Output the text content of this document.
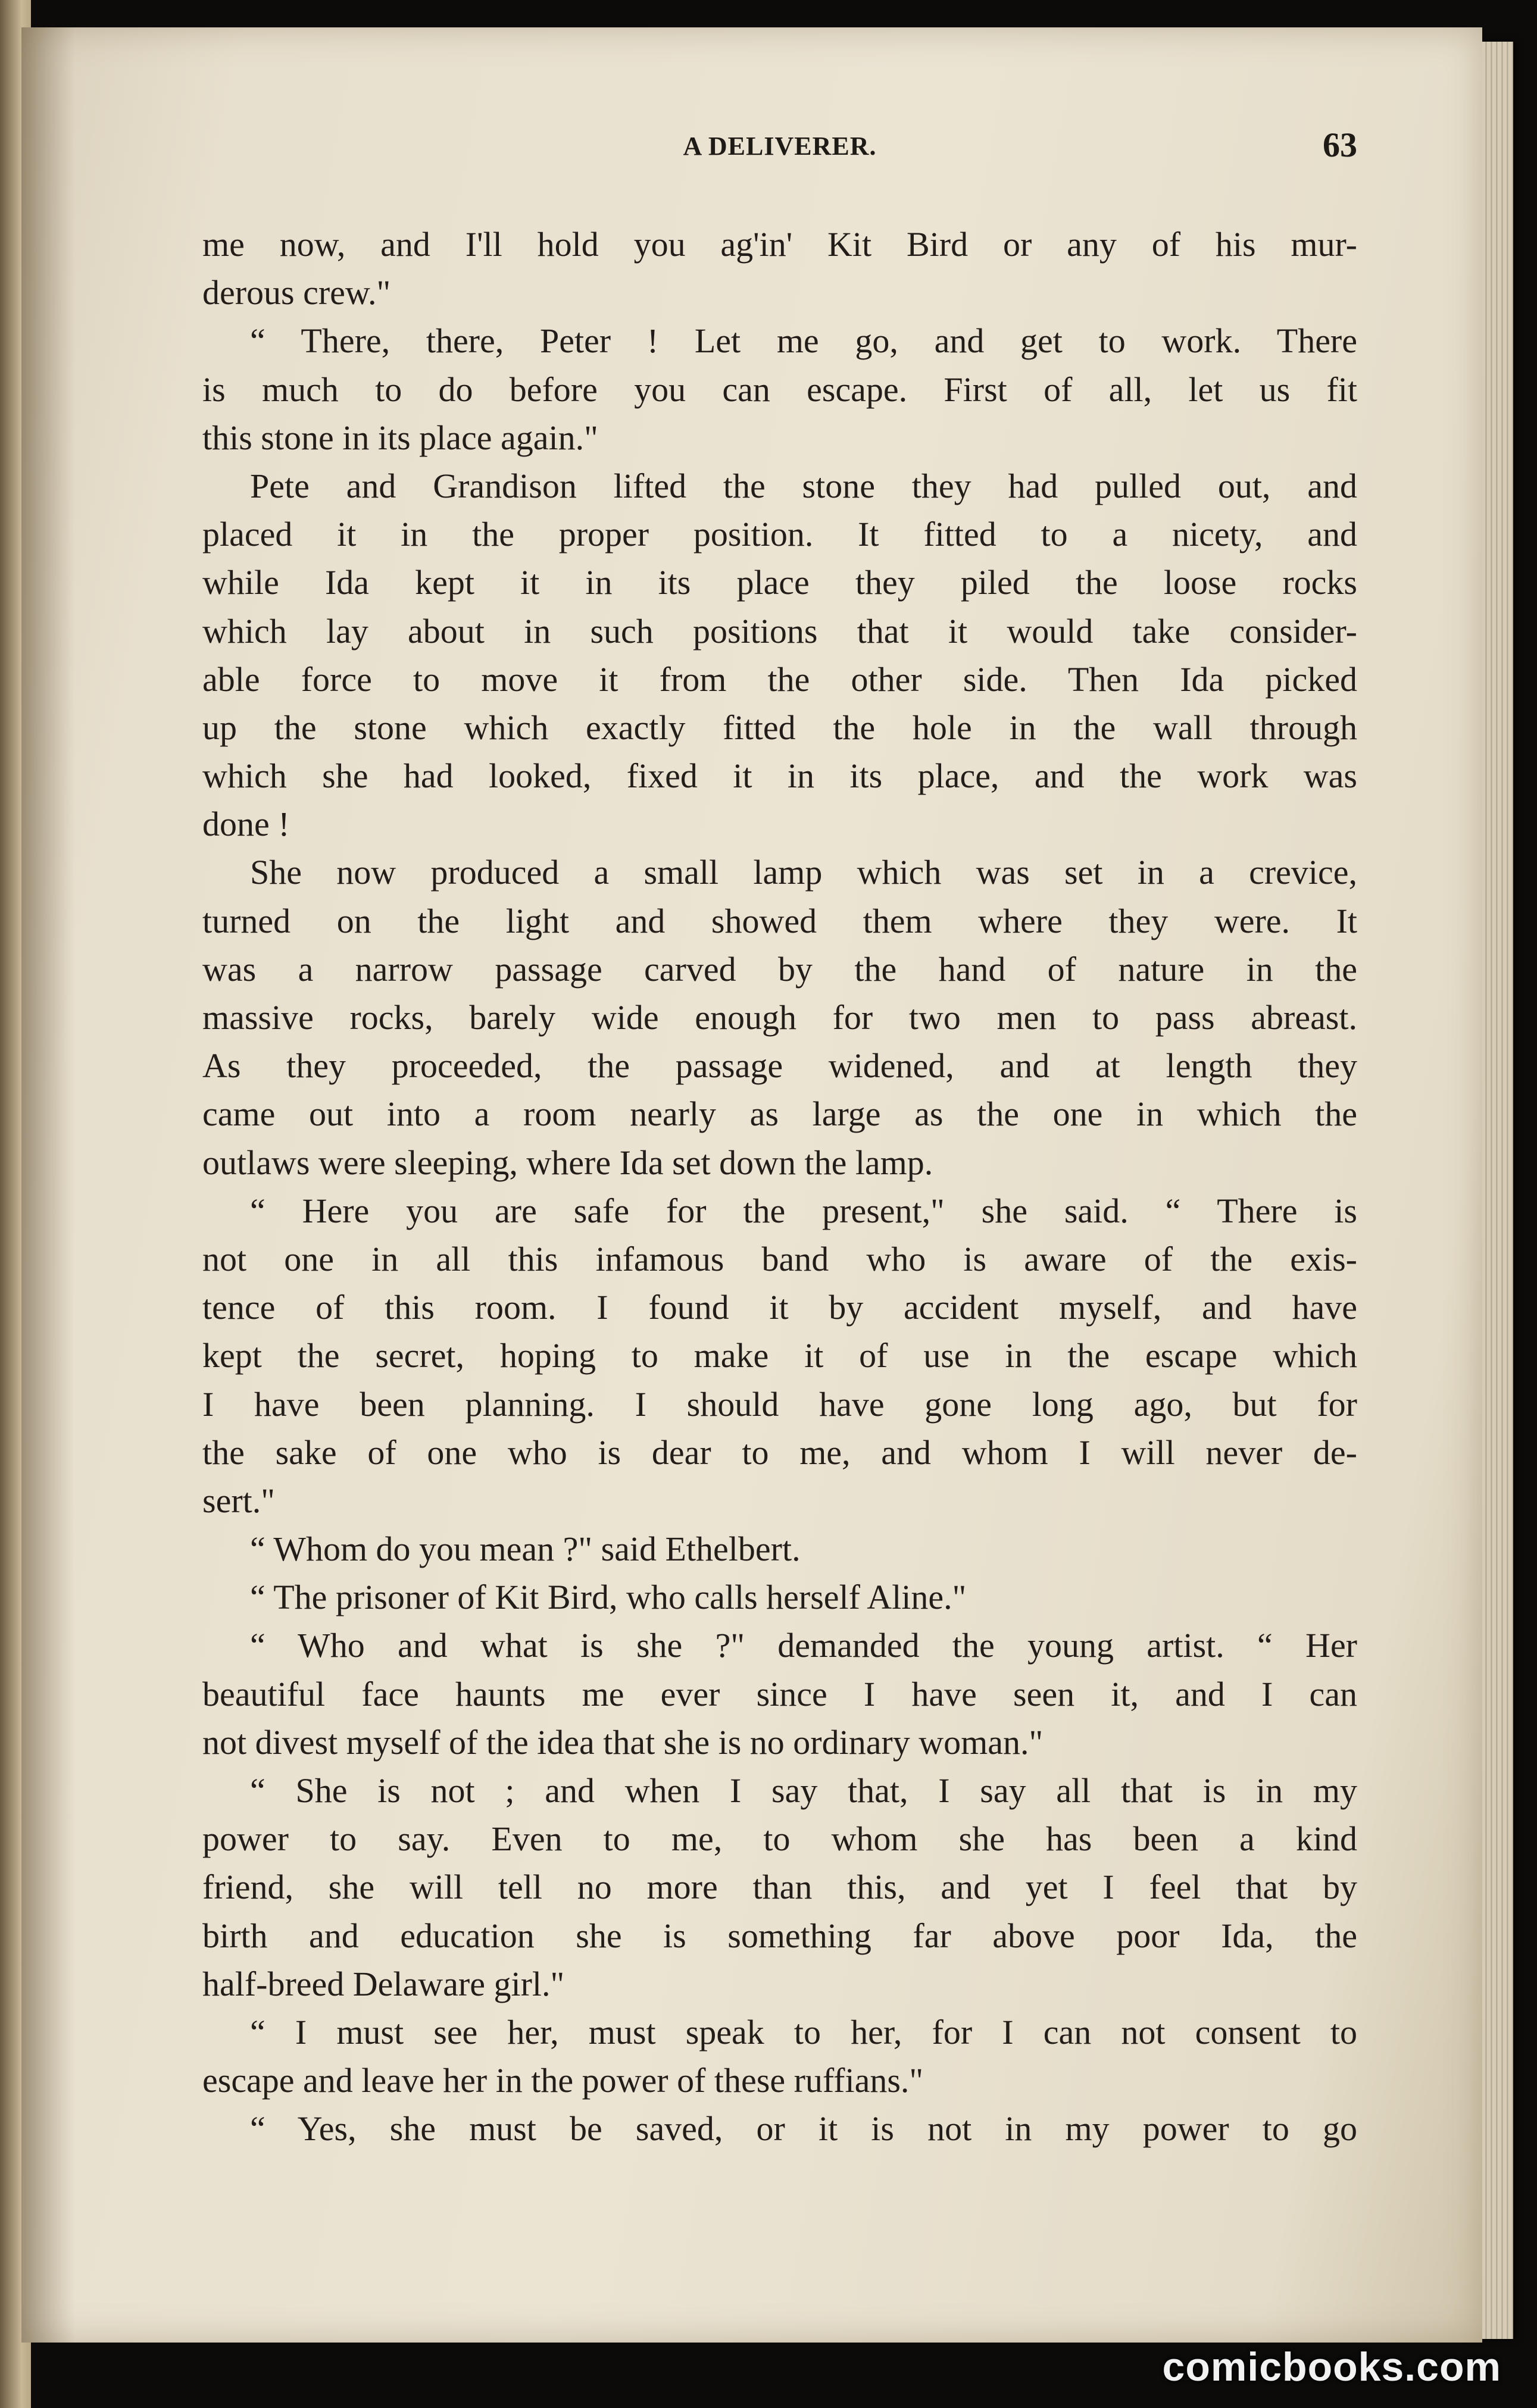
A DELIVERER.	63
me now, and I'll hold you ag'in' Kit Bird or any of his mur-
derous crew."
“ There, there, Peter ! Let me go, and get to work. There
is much to do before you can escape. First of all, let us fit
this stone in its place again."
Pete and Grandison lifted the stone they had pulled out, and
placed it in the proper position. It fitted to a nicety, and
while Ida kept it in its place they piled the loose rocks
which lay about in such positions that it would take consider-
able force to move it from the other side. Then Ida picked
up the stone which exactly fitted the hole in the wall through
which she had looked, fixed it in its place, and the work was
done !
She now produced a small lamp which was set in a crevice,
turned on the light and showed them where they were. It
was a narrow passage carved by the hand of nature in the
massive rocks, barely wide enough for two men to pass abreast.
As they proceeded, the passage widened, and at length they
came out into a room nearly as large as the one in which the
outlaws were sleeping, where Ida set down the lamp.
“ Here you are safe for the present," she said. “ There is
not one in all this infamous band who is aware of the exis-
tence of this room. I found it by accident myself, and have
kept the secret, hoping to make it of use in the escape which
I have been planning. I should have gone long ago, but for
the sake of one who is dear to me, and whom I will never de-
sert."
“ Whom do you mean ?" said Ethelbert.
“ The prisoner of Kit Bird, who calls herself Aline."
“ Who and what is she ?" demanded the young artist. “ Her
beautiful face haunts me ever since I have seen it, and I can
not divest myself of the idea that she is no ordinary woman."
“ She is not ; and when I say that, I say all that is in my
power to say. Even to me, to whom she has been a kind
friend, she will tell no more than this, and yet I feel that by
birth and education she is something far above poor Ida, the
half-breed Delaware girl."
“ I must see her, must speak to her, for I can not consent to
escape and leave her in the power of these ruffians."
“ Yes, she must be saved, or it is not in my power to go
comicbooks.com
